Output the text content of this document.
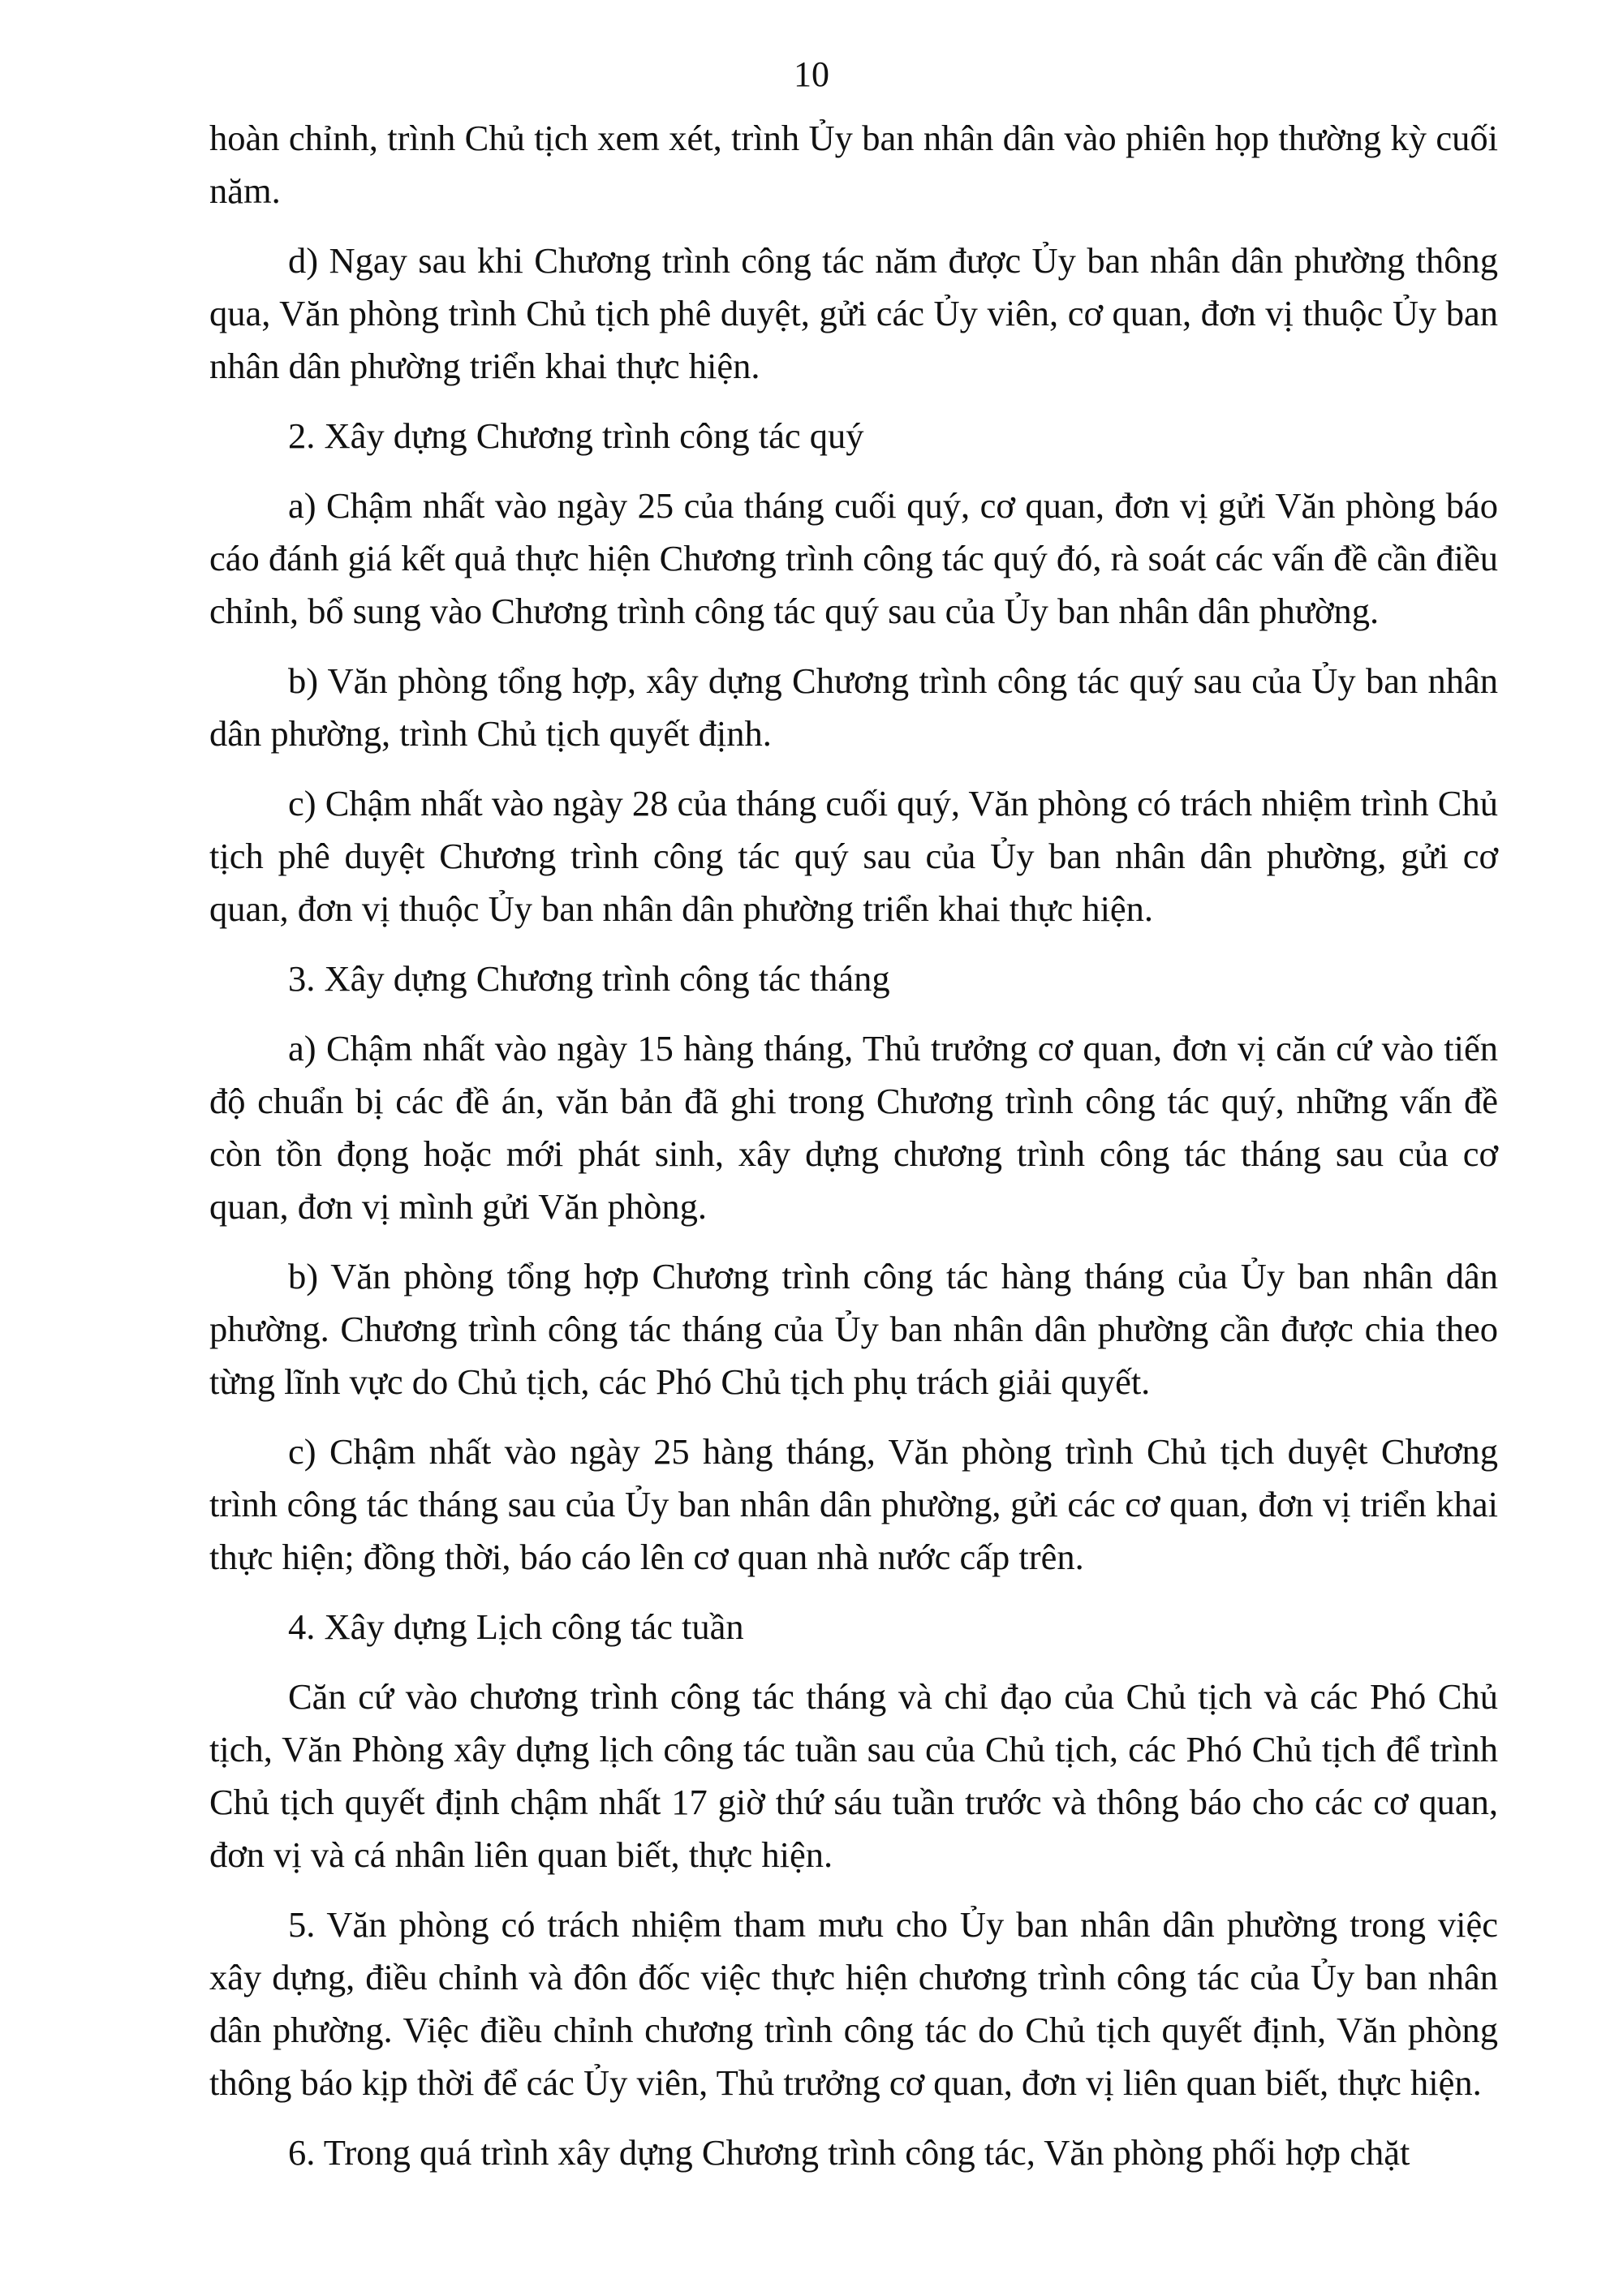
10

hoàn chỉnh, trình Chủ tịch xem xét, trình Ủy ban nhân dân vào phiên họp thường kỳ cuối năm.

d) Ngay sau khi Chương trình công tác năm được Ủy ban nhân dân phường thông qua, Văn phòng trình Chủ tịch phê duyệt, gửi các Ủy viên, cơ quan, đơn vị thuộc Ủy ban nhân dân phường triển khai thực hiện.

2. Xây dựng Chương trình công tác quý

a) Chậm nhất vào ngày 25 của tháng cuối quý, cơ quan, đơn vị gửi Văn phòng báo cáo đánh giá kết quả thực hiện Chương trình công tác quý đó, rà soát các vấn đề cần điều chỉnh, bổ sung vào Chương trình công tác quý sau của Ủy ban nhân dân phường.

b) Văn phòng tổng hợp, xây dựng Chương trình công tác quý sau của Ủy ban nhân dân phường, trình Chủ tịch quyết định.

c) Chậm nhất vào ngày 28 của tháng cuối quý, Văn phòng có trách nhiệm trình Chủ tịch phê duyệt Chương trình công tác quý sau của Ủy ban nhân dân phường, gửi cơ quan, đơn vị thuộc Ủy ban nhân dân phường triển khai thực hiện.

3. Xây dựng Chương trình công tác tháng

a) Chậm nhất vào ngày 15 hàng tháng, Thủ trưởng cơ quan, đơn vị căn cứ vào tiến độ chuẩn bị các đề án, văn bản đã ghi trong Chương trình công tác quý, những vấn đề còn tồn đọng hoặc mới phát sinh, xây dựng chương trình công tác tháng sau của cơ quan, đơn vị mình gửi Văn phòng.

b) Văn phòng tổng hợp Chương trình công tác hàng tháng của Ủy ban nhân dân phường. Chương trình công tác tháng của Ủy ban nhân dân phường cần được chia theo từng lĩnh vực do Chủ tịch, các Phó Chủ tịch phụ trách giải quyết.

c) Chậm nhất vào ngày 25 hàng tháng, Văn phòng trình Chủ tịch duyệt Chương trình công tác tháng sau của Ủy ban nhân dân phường, gửi các cơ quan, đơn vị triển khai thực hiện; đồng thời, báo cáo lên cơ quan nhà nước cấp trên.

4. Xây dựng Lịch công tác tuần

Căn cứ vào chương trình công tác tháng và chỉ đạo của Chủ tịch và các Phó Chủ tịch, Văn Phòng xây dựng lịch công tác tuần sau của Chủ tịch, các Phó Chủ tịch để trình Chủ tịch quyết định chậm nhất 17 giờ thứ sáu tuần trước và thông báo cho các cơ quan, đơn vị và cá nhân liên quan biết, thực hiện.

5. Văn phòng có trách nhiệm tham mưu cho Ủy ban nhân dân phường trong việc xây dựng, điều chỉnh và đôn đốc việc thực hiện chương trình công tác của Ủy ban nhân dân phường. Việc điều chỉnh chương trình công tác do Chủ tịch quyết định, Văn phòng thông báo kịp thời để các Ủy viên, Thủ trưởng cơ quan, đơn vị liên quan biết, thực hiện.

6. Trong quá trình xây dựng Chương trình công tác, Văn phòng phối hợp chặt
